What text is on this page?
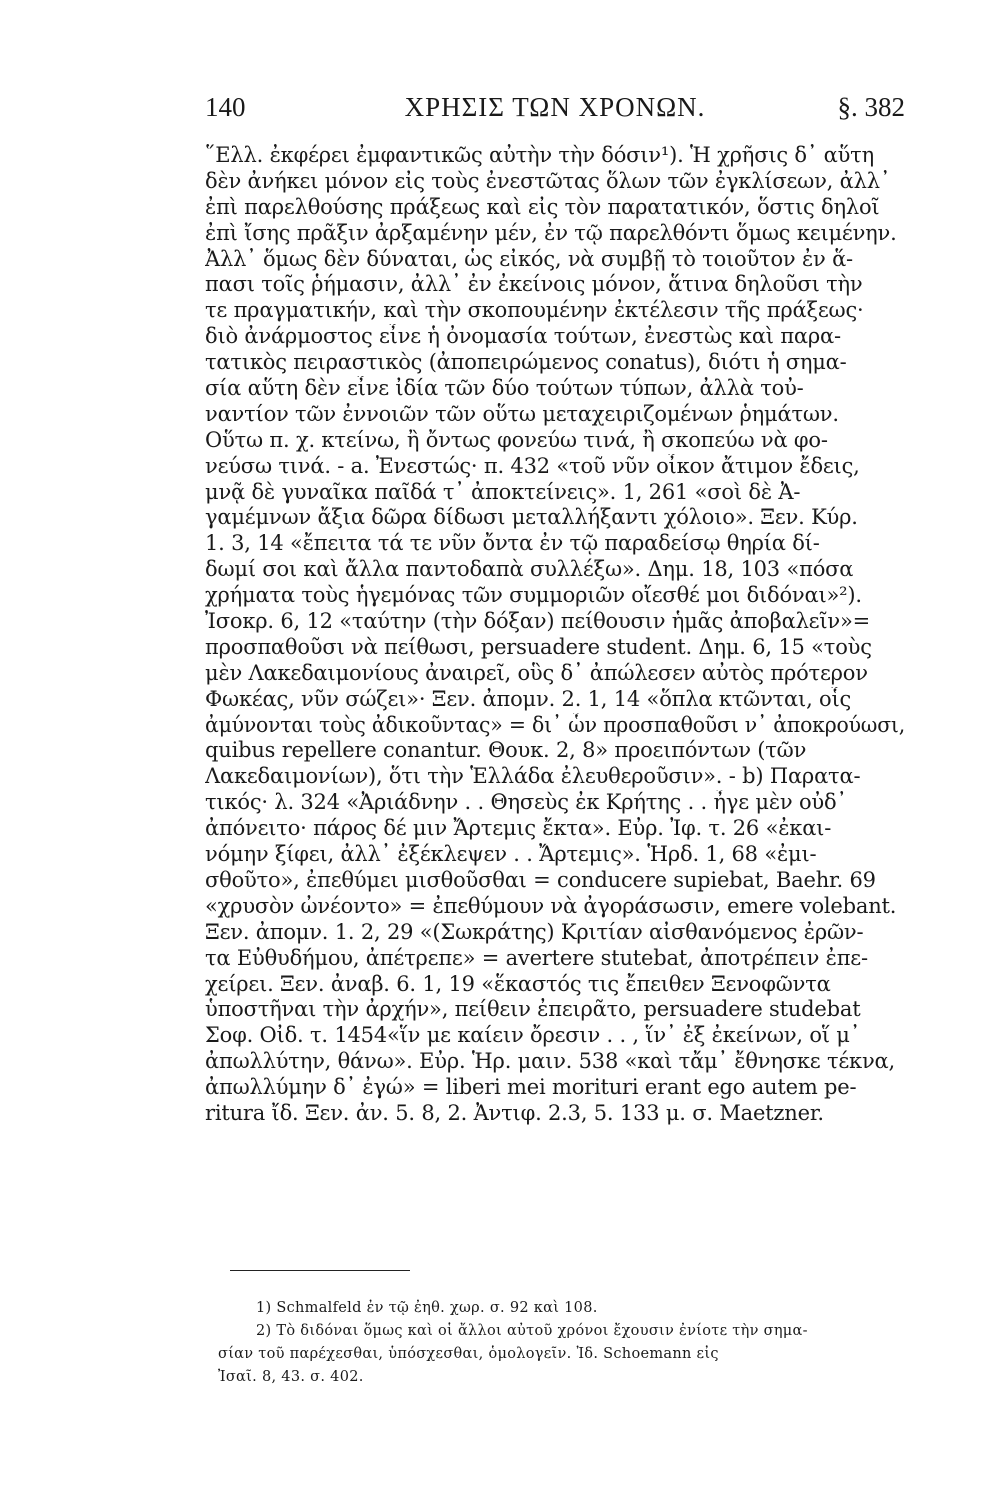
140	ΧΡΗΣΙΣ ΤΩΝ ΧΡΟΝΩΝ.	§. 382
῞Ελλ. ἐκφέρει ἐμφαντικῶς αὐτὴν τὴν δόσιν¹). Ἡ χρῆσις δ᾽ αὕτη
δὲν ἀνήκει μόνον εἰς τοὺς ἐνεστῶτας ὅλων τῶν ἐγκλίσεων, ἀλλ᾽
ἐπὶ παρελθούσης πράξεως καὶ εἰς τὸν παρατατικόν, ὅστις δηλοῖ
ἐπὶ ἴσης πρᾶξιν ἀρξαμένην μέν, ἐν τῷ παρελθόντι ὅμως κειμένην.
Ἀλλ᾽ ὅμως δὲν δύναται, ὡς εἰκός, νὰ συμβῇ τὸ τοιοῦτον ἐν ἅ-
πασι τοῖς ῥήμασιν, ἀλλ᾽ ἐν ἐκείνοις μόνον, ἅτινα δηλοῦσι τὴν
τε πραγματικήν, καὶ τὴν σκοπουμένην ἐκτέλεσιν τῆς πράξεως·
διὸ ἀνάρμοστος εἶνε ἡ ὀνομασία τούτων, ἐνεστὼς καὶ παρα-
τατικὸς πειραστικὸς (ἀποπειρώμενος conatus), διότι ἡ σημα-
σία αὕτη δὲν εἶνε ἰδία τῶν δύο τούτων τύπων, ἀλλὰ τοὐ-
ναντίον τῶν ἐννοιῶν τῶν οὕτω μεταχειριζομένων ῥημάτων.
Οὕτω π. χ. κτείνω, ἢ ὄντως φονεύω τινά, ἢ σκοπεύω νὰ φο-
νεύσω τινά. - a. Ἐνεστώς· π. 432 «τοῦ νῦν οἶκον ἄτιμον ἔδεις,
μνᾷ δὲ γυναῖκα παῖδά τ᾽ ἀποκτείνεις». 1, 261 «σοὶ δὲ Ἀ-
γαμέμνων ἄξια δῶρα δίδωσι μεταλλήξαντι χόλοιο». Ξεν. Κύρ.
1. 3, 14 «ἔπειτα τά τε νῦν ὄντα ἐν τῷ παραδείσῳ θηρία δί-
δωμί σοι καὶ ἄλλα παντοδαπὰ συλλέξω». Δημ. 18, 103 «πόσα
χρήματα τοὺς ἡγεμόνας τῶν συμμοριῶν οἴεσθέ μοι διδόναι»²).
Ἰσοκρ. 6, 12 «ταύτην (τὴν δόξαν) πείθουσιν ἡμᾶς ἀποβαλεῖν»=
προσπαθοῦσι νὰ πείθωσι, persuadere student. Δημ. 6, 15 «τοὺς
μὲν Λακεδαιμονίους ἀναιρεῖ, οὓς δ᾽ ἀπώλεσεν αὐτὸς πρότερον
Φωκέας, νῦν σώζει»· Ξεν. ἀπομν. 2. 1, 14 «ὅπλα κτῶνται, οἷς
ἀμύνονται τοὺς ἀδικοῦντας» = δι᾽ ὧν προσπαθοῦσι ν᾽ ἀποκρούωσι,
quibus repellere conantur. Θουκ. 2, 8» προειπόντων (τῶν
Λακεδαιμονίων), ὅτι τὴν Ἑλλάδα ἐλευθεροῦσιν». - b) Παρατα-
τικός· λ. 324 «Ἀριάδνην . . Θησεὺς ἐκ Κρήτης . . ἦγε μὲν οὐδ᾽
ἀπόνειτο· πάρος δέ μιν Ἄρτεμις ἔκτα». Εὐρ. Ἰφ. τ. 26 «ἐκαι-
νόμην ξίφει, ἀλλ᾽ ἐξέκλεψεν . . Ἄρτεμις». Ἡρδ. 1, 68 «ἐμι-
σθοῦτο», ἐπεθύμει μισθοῦσθαι = conducere supiebat, Baehr. 69
«χρυσὸν ὠνέοντο» = ἐπεθύμουν νὰ ἀγοράσωσιν, emere volebant.
Ξεν. ἀπομν. 1. 2, 29 «(Σωκράτης) Κριτίαν αἰσθανόμενος ἐρῶν-
τα Εὐθυδήμου, ἀπέτρεπε» = avertere stutebat, ἀποτρέπειν ἐπε-
χείρει. Ξεν. ἀναβ. 6. 1, 19 «ἕκαστός τις ἔπειθεν Ξενοφῶντα
ὑποστῆναι τὴν ἀρχήν», πείθειν ἐπειρᾶτο, persuadere studebat
Σοφ. Οἰδ. τ. 1454«ἵν με καίειν ὄρεσιν . . , ἵν᾽ ἐξ ἐκείνων, οἵ μ᾽
ἀπωλλύτην, θάνω». Εὐρ. Ἡρ. μαιν. 538 «καὶ τἄμ᾽ ἔθνησκε τέκνα,
ἀπωλλύμην δ᾽ ἐγώ» = liberi mei morituri erant ego autem pe-
ritura ἴδ. Ξεν. ἀν. 5. 8, 2. Ἀντιφ. 2.3, 5. 133 μ. σ. Maetzner.
1) Schmalfeld ἐν τῷ ἐηθ. χωρ. σ. 92 καὶ 108.
2) Τὸ διδόναι ὅμως καὶ οἱ ἄλλοι αὐτοῦ χρόνοι ἔχουσιν ἐνίοτε τὴν σημα-
σίαν τοῦ παρέχεσθαι, ὑπόσχεσθαι, ὁμολογεῖν. Ἰδ. Schoemann εἰς
Ἰσαῖ. 8, 43. σ. 402.
